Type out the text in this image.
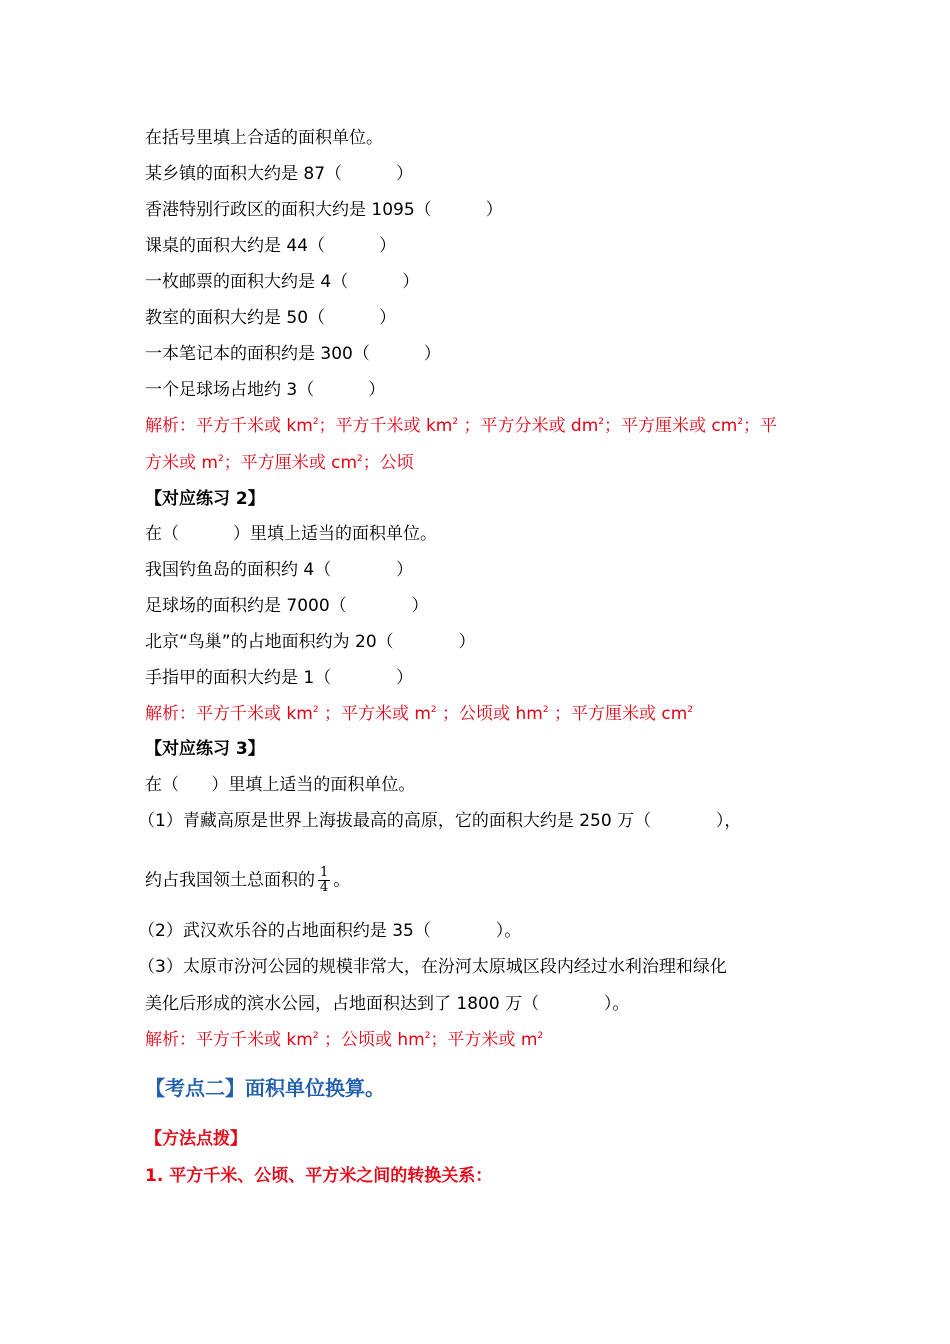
在括号里填上合适的面积单位。
某乡镇的面积大约是 87（          ）
香港特别行政区的面积大约是 1095（          ）
课桌的面积大约是 44（          ）
一枚邮票的面积大约是 4（          ）
教室的面积大约是 50（          ）
一本笔记本的面积约是 300（          ）
一个足球场占地约 3（          ）
解析：平方千米或 $km^2$；平方千米或 $km^2$ ；平方分米或 $dm^2$；平方厘米或 $cm^2$；平
方米或 $m^2$；平方厘米或 $cm^2$；公顷
【对应练习 2】
在（          ）里填上适当的面积单位。
我国钓鱼岛的面积约 4（            ）
足球场的面积约是 7000（            ）
北京“鸟巢”的占地面积约为 20（            ）
手指甲的面积大约是 1（            ）
解析：平方千米或 $km^2$ ；平方米或 $m^2$ ；公顷或 $hm^2$ ；平方厘米或 $cm^2$
【对应练习 3】
在（      ）里填上适当的面积单位。
（1）青藏高原是世界上海拔最高的高原，它的面积大约是 250 万（            ），
约占我国领土总面积的 $\frac{1}{4}$ 。
（2）武汉欢乐谷的占地面积约是 35（            ）。
（3）太原市汾河公园的规模非常大，在汾河太原城区段内经过水利治理和绿化
美化后形成的滨水公园，占地面积达到了 1800 万（            ）。
解析：平方千米或 $km^2$ ；公顷或 $hm^2$；平方米或 $m^2$
【考点二】面积单位换算。
【方法点拨】
1. 平方千米、公顷、平方米之间的转换关系：
